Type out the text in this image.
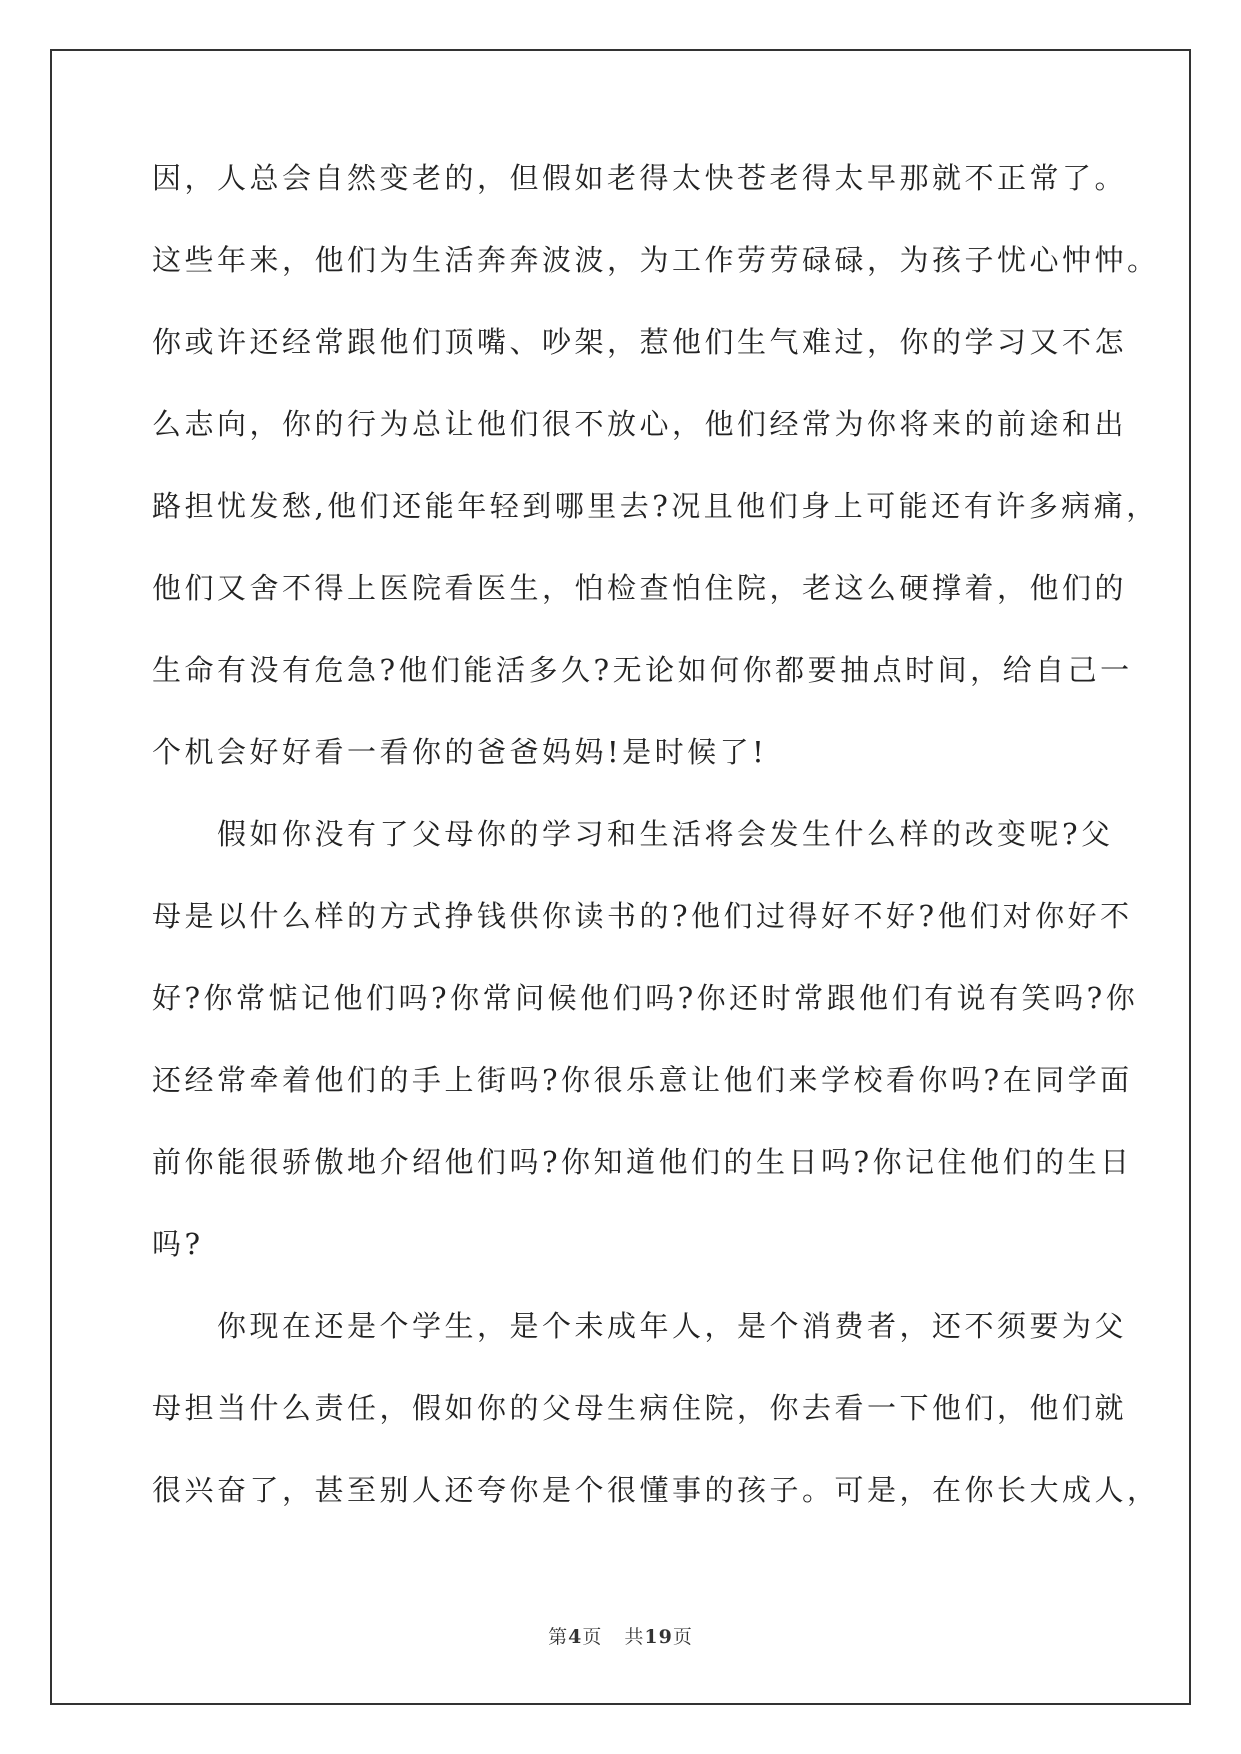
因，人总会自然变老的，但假如老得太快苍老得太早那就不正常了。
这些年来，他们为生活奔奔波波，为工作劳劳碌碌，为孩子忧心忡忡。
你或许还经常跟他们顶嘴、吵架，惹他们生气难过，你的学习又不怎
么志向，你的行为总让他们很不放心，他们经常为你将来的前途和出
路担忧发愁,他们还能年轻到哪里去?况且他们身上可能还有许多病痛，
他们又舍不得上医院看医生，怕检查怕住院，老这么硬撑着，他们的
生命有没有危急?他们能活多久?无论如何你都要抽点时间，给自己一
个机会好好看一看你的爸爸妈妈!是时候了!
　　假如你没有了父母你的学习和生活将会发生什么样的改变呢?父
母是以什么样的方式挣钱供你读书的?他们过得好不好?他们对你好不
好?你常惦记他们吗?你常问候他们吗?你还时常跟他们有说有笑吗?你
还经常牵着他们的手上街吗?你很乐意让他们来学校看你吗?在同学面
前你能很骄傲地介绍他们吗?你知道他们的生日吗?你记住他们的生日
吗?
　　你现在还是个学生，是个未成年人，是个消费者，还不须要为父
母担当什么责任，假如你的父母生病住院，你去看一下他们，他们就
很兴奋了，甚至别人还夸你是个很懂事的孩子。可是，在你长大成人，
第4页 共19页
